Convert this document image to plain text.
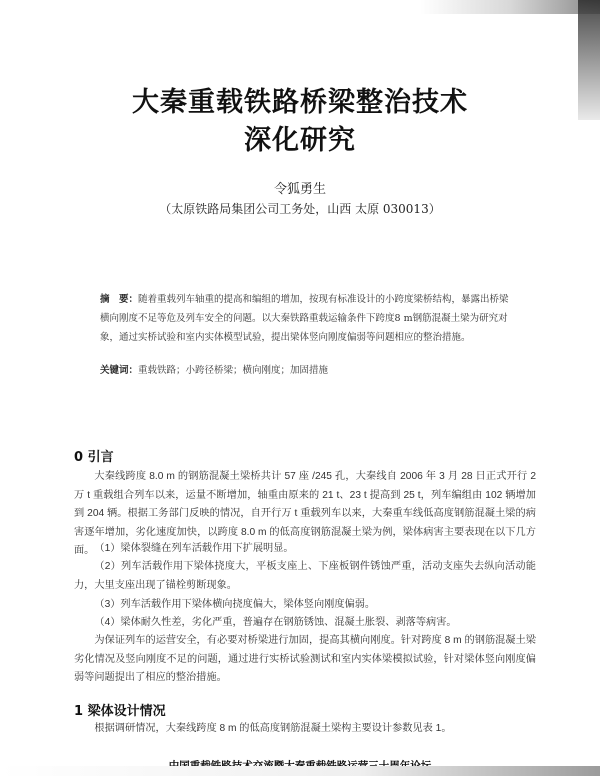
大秦重载铁路桥梁整治技术
深化研究
令狐勇生
（太原铁路局集团公司工务处，山西 太原 030013）
摘　要：随着重载列车轴重的提高和编组的增加，按现有标准设计的小跨度梁桥结构，暴露出桥梁横向刚度不足等危及列车安全的问题。以大秦铁路重载运输条件下跨度8 m钢筋混凝土梁为研究对象，通过实桥试验和室内实体模型试验，提出梁体竖向刚度偏弱等问题相应的整治措施。
关键词：重载铁路；小跨径桥梁；横向刚度；加固措施
0 引言
大秦线跨度 8.0 m 的钢筋混凝土梁桥共计 57 座 /245 孔，大秦线自 2006 年 3 月 28 日正式开行 2 万 t 重载组合列车以来，运量不断增加，轴重由原来的 21 t、23 t 提高到 25 t，列车编组由 102 辆增加到 204 辆。根据工务部门反映的情况，自开行万 t 重载列车以来，大秦重车线低高度钢筋混凝土梁的病害逐年增加，劣化速度加快，以跨度 8.0 m 的低高度钢筋混凝土梁为例，梁体病害主要表现在以下几方面。 （1）梁体裂缝在列车活载作用下扩展明显。
（2）列车活载作用下梁体挠度大，平板支座上、下座板钢件锈蚀严重，活动支座失去纵向活动能力，大里支座出现了锚栓剪断现象。
（3）列车活载作用下梁体横向挠度偏大，梁体竖向刚度偏弱。
（4）梁体耐久性差，劣化严重，普遍存在钢筋锈蚀、混凝土胀裂、剥落等病害。
为保证列车的运营安全，有必要对桥梁进行加固，提高其横向刚度。针对跨度 8 m 的钢筋混凝土梁劣化情况及竖向刚度不足的问题，通过进行实桥试验测试和室内实体梁模拟试验，针对梁体竖向刚度偏弱等问题提出了相应的整治措施。
1 梁体设计情况
根据调研情况，大秦线跨度 8 m 的低高度钢筋混凝土梁构主要设计参数见表 1。
